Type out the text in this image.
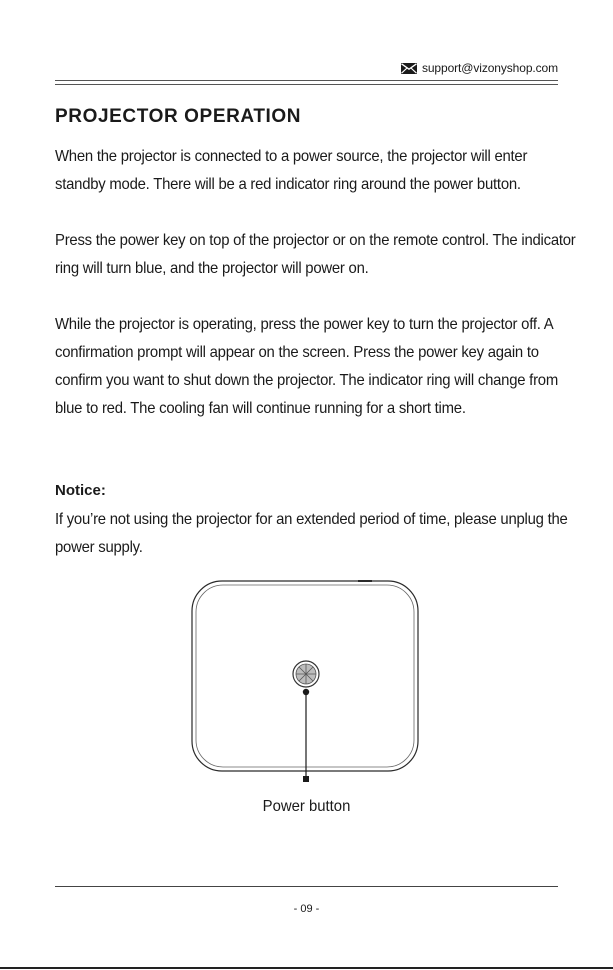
support@vizonyshop.com
PROJECTOR OPERATION

When the projector is connected to a power source, the projector will enter standby mode. There will be a red indicator ring around the power button.

Press the power key on top of the projector or on the remote control. The indicator ring will turn blue, and the projector will power on.

While the projector is operating, press the power key to turn the projector off. A confirmation prompt will appear on the screen. Press the power key again to confirm you want to shut down the projector. The indicator ring will change from blue to red. The cooling fan will continue running for a short time.

Notice:

If you’re not using the projector for an extended period of time, please unplug the power supply.

Power button
- 09 -
